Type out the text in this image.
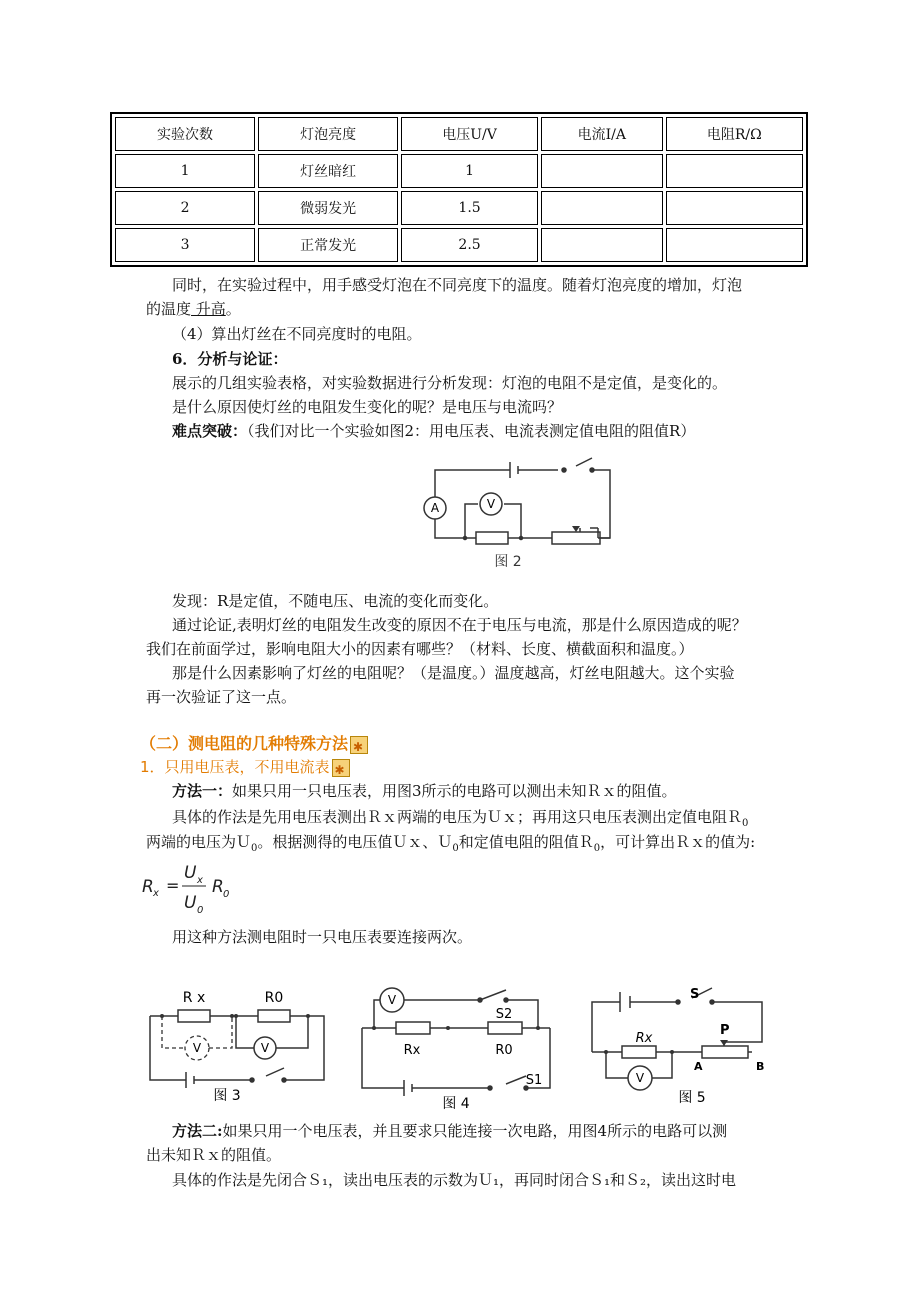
实验次数	灯泡亮度	电压U/V	电流I/A	电阻R/Ω
1	灯丝暗红	1		
2	微弱发光	1.5		
3	正常发光	2.5		
同时，在实验过程中，用手感受灯泡在不同亮度下的温度。随着灯泡亮度的增加，灯泡
的温度 升高。
（4）算出灯丝在不同亮度时的电阻。
6．分析与论证：
展示的几组实验表格，对实验数据进行分析发现：灯泡的电阻不是定值，是变化的。
是什么原因使灯丝的电阻发生变化的呢？是电压与电流吗？
难点突破：（我们对比一个实验如图2：用电压表、电流表测定值电阻的阻值R）
A	V
图 2
发现：R是定值，不随电压、电流的变化而变化。
通过论证,表明灯丝的电阻发生改变的原因不在于电压与电流，那是什么原因造成的呢？
我们在前面学过，影响电阻大小的因素有哪些？（材料、长度、横截面积和温度。）
那是什么因素影响了灯丝的电阻呢？（是温度。）温度越高，灯丝电阻越大。这个实验
再一次验证了这一点。
（二）测电阻的几种特殊方法✱
1．只用电压表，不用电流表✱
方法一：如果只用一只电压表，用图3所示的电路可以测出未知Ｒｘ的阻值。
具体的作法是先用电压表测出Ｒｘ两端的电压为Ｕｘ；再用这只电压表测出定值电阻Ｒ$_0$
两端的电压为Ｕ$_0$。根据测得的电压值Ｕｘ、Ｕ$_0$和定值电阻的阻值Ｒ$_0$，可计算出Ｒｘ的值为:
R x =
U x
U 0
R 0
用这种方法测电阻时一只电压表要连接两次。
V	V
R x	R0
图 3
V
Rx	R0
S2
S1
图 4
V
Rx
S
P
A	B
图 5
方法二:如果只用一个电压表，并且要求只能连接一次电路，用图4所示的电路可以测
出未知Ｒｘ的阻值。
具体的作法是先闭合Ｓ₁，读出电压表的示数为Ｕ₁，再同时闭合Ｓ₁和Ｓ₂，读出这时电
